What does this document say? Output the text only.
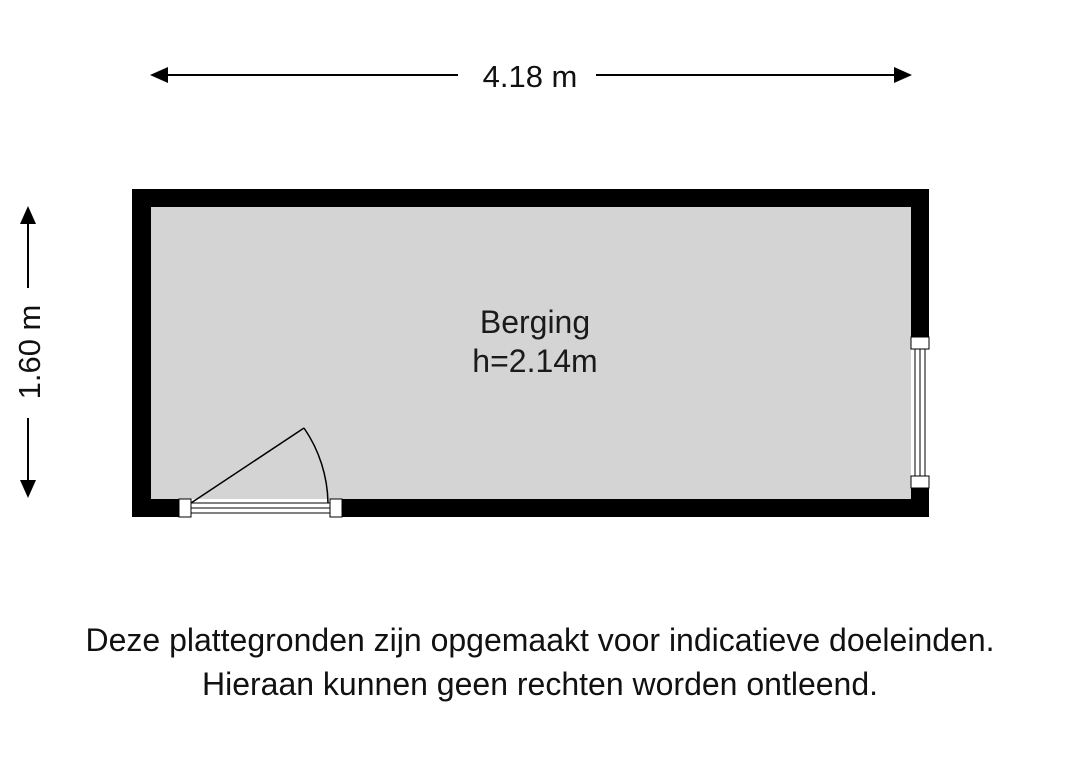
4.18 m
1.60 m	Berging
h=2.14m
Deze plattegronden zijn opgemaakt voor indicatieve doeleinden.
Hieraan kunnen geen rechten worden ontleend.
